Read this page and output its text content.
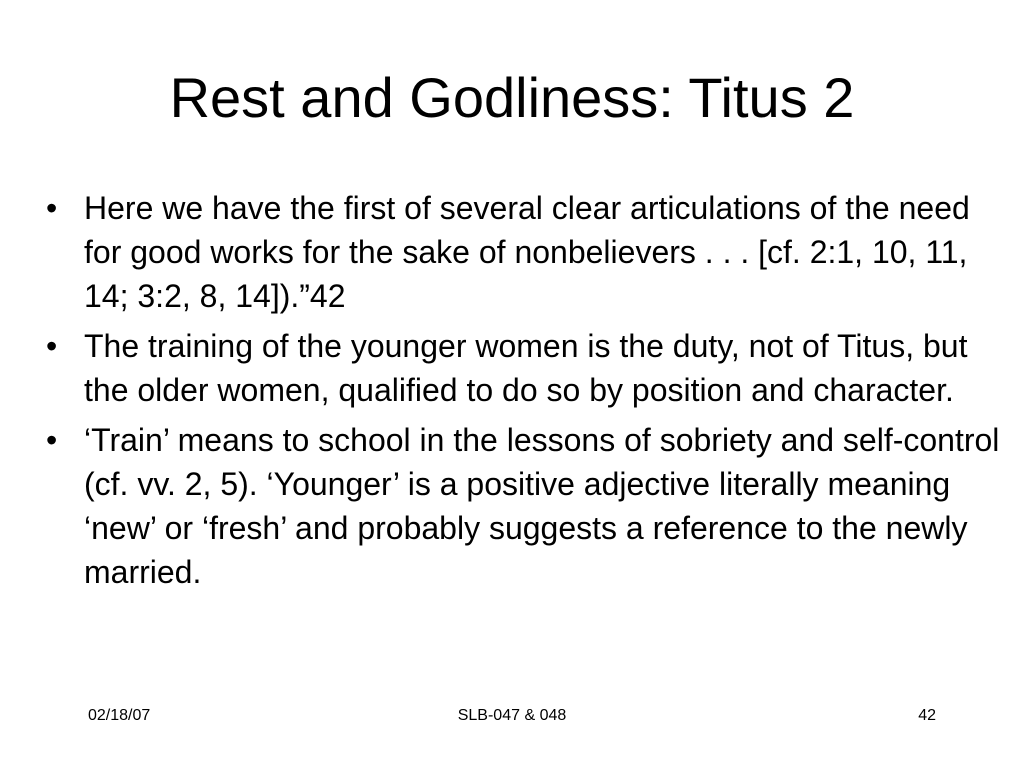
Rest and Godliness: Titus 2
• Here we have the first of several clear articulations of the need for good works for the sake of nonbelievers . . . [cf. 2:1, 10, 11, 14; 3:2, 8, 14]).”42
• The training of the younger women is the duty, not of Titus, but the older women, qualified to do so by position and character.
• ‘Train’ means to school in the lessons of sobriety and self-control (cf. vv. 2, 5). ‘Younger’ is a positive adjective literally meaning ‘new’ or ‘fresh’ and probably suggests a reference to the newly married.
02/18/07	SLB-047 & 048	42
